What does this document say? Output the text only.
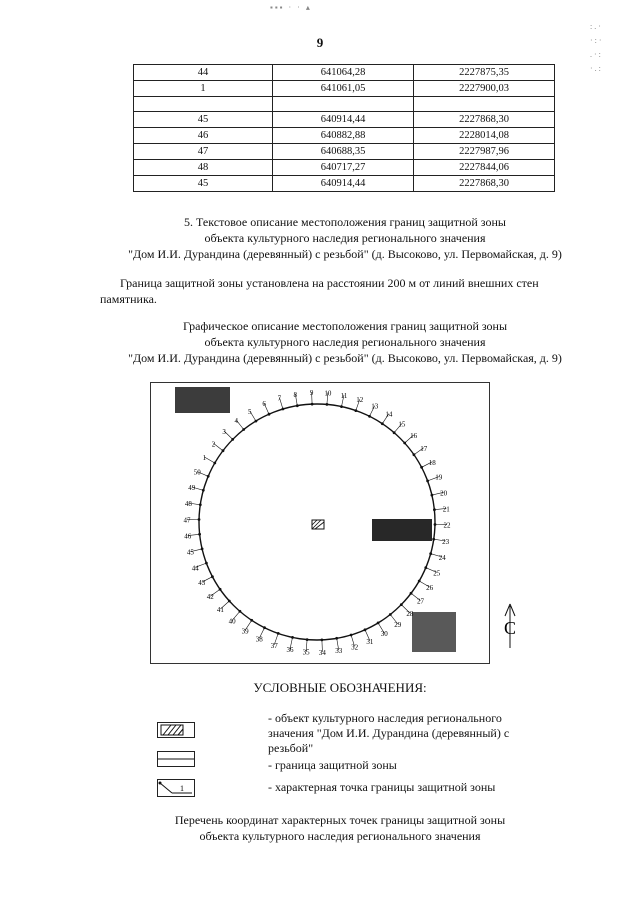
▪▪▪ · · ▴
:.·
·:·
.·:
·.:
9
44	641064,28	2227875,35
1	641061,05	2227900,03

45	640914,44	2227868,30
46	640882,88	2228014,08
47	640688,35	2227987,96
48	640717,27	2227844,06
45	640914,44	2227868,30
5. Текстовое описание местоположения границ защитной зоны
объекта культурного наследия регионального значения
"Дом И.И. Дурандина (деревянный) с резьбой" (д. Высоково, ул. Первомайская, д. 9)
Граница защитной зоны установлена на расстоянии 200 м от линий внешних стен
памятника.
Графическое описание местоположения границ защитной зоны
объекта культурного наследия регионального значения
"Дом И.И. Дурандина (деревянный) с резьбой" (д. Высоково, ул. Первомайская, д. 9)
1
2
3
4
5
6
7 8 9 10 11
12
13
14
15
16
17
18
19
20
21
22
23
24
25
26
27
28
29
30
31
32
33
34
35
36
37
38
39
40
41
42
43
44
45
46
47
48
49
50
С
УСЛОВНЫЕ ОБОЗНАЧЕНИЯ:
1
- объект культурного наследия регионального
значения "Дом И.И. Дурандина (деревянный) с
резьбой"
- граница защитной зоны
- характерная точка границы защитной зоны
Перечень координат характерных точек границы защитной зоны
объекта культурного наследия регионального значения
